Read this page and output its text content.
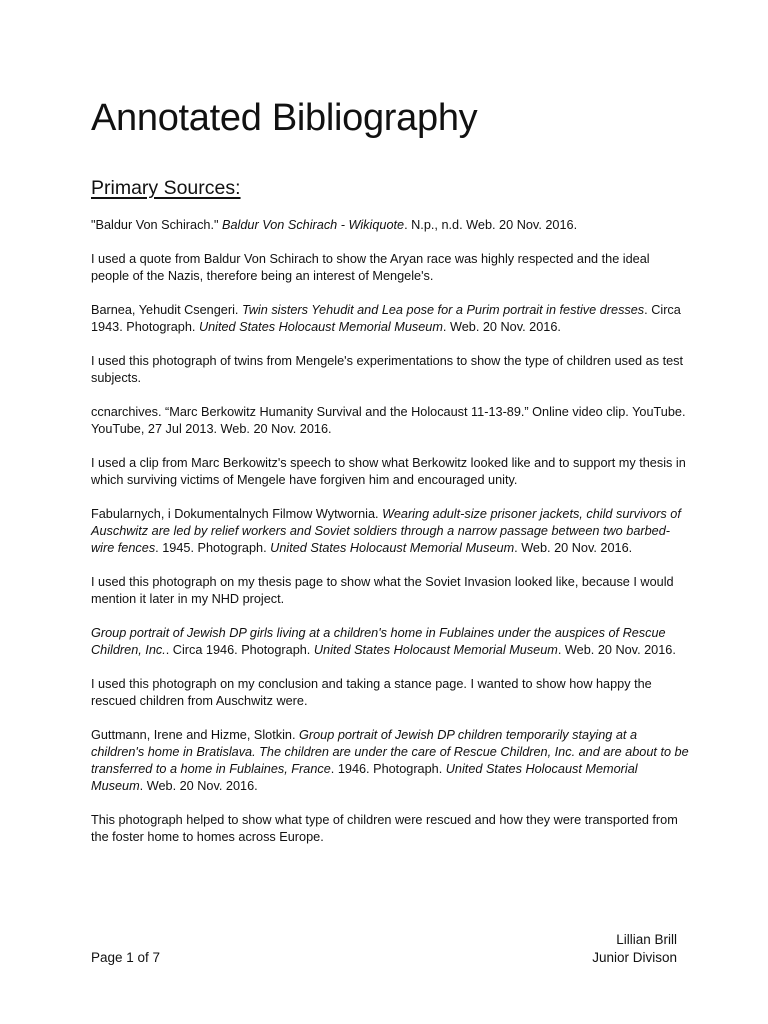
Annotated Bibliography
Primary Sources:

"Baldur Von Schirach." Baldur Von Schirach - Wikiquote. N.p., n.d. Web. 20 Nov. 2016.

I used a quote from Baldur Von Schirach to show the Aryan race was highly respected and the ideal people of the Nazis, therefore being an interest of Mengele's.

Barnea, Yehudit Csengeri. Twin sisters Yehudit and Lea pose for a Purim portrait in festive dresses. Circa 1943. Photograph. United States Holocaust Memorial Museum. Web. 20 Nov. 2016.

I used this photograph of twins from Mengele's experimentations to show the type of children used as test subjects.

ccnarchives. “Marc Berkowitz Humanity Survival and the Holocaust 11-13-89.” Online video clip. YouTube. YouTube, 27 Jul 2013. Web. 20 Nov. 2016.

I used a clip from Marc Berkowitz's speech to show what Berkowitz looked like and to support my thesis in which surviving victims of Mengele have forgiven him and encouraged unity.

Fabularnych, i Dokumentalnych Filmow Wytwornia. Wearing adult-size prisoner jackets, child survivors of Auschwitz are led by relief workers and Soviet soldiers through a narrow passage between two barbed-wire fences. 1945. Photograph. United States Holocaust Memorial Museum. Web. 20 Nov. 2016.

I used this photograph on my thesis page to show what the Soviet Invasion looked like, because I would mention it later in my NHD project.

Group portrait of Jewish DP girls living at a children's home in Fublaines under the auspices of Rescue Children, Inc.. Circa 1946. Photograph. United States Holocaust Memorial Museum. Web. 20 Nov. 2016.

I used this photograph on my conclusion and taking a stance page. I wanted to show how happy the rescued children from Auschwitz were.

Guttmann, Irene and Hizme, Slotkin. Group portrait of Jewish DP children temporarily staying at a children's home in Bratislava. The children are under the care of Rescue Children, Inc. and are about to be transferred to a home in Fublaines, France. 1946. Photograph. United States Holocaust Memorial Museum. Web. 20 Nov. 2016.

This photograph helped to show what type of children were rescued and how they were transported from the foster home to homes across Europe.

Page 1 of 7
Lillian Brill
Junior Divison
